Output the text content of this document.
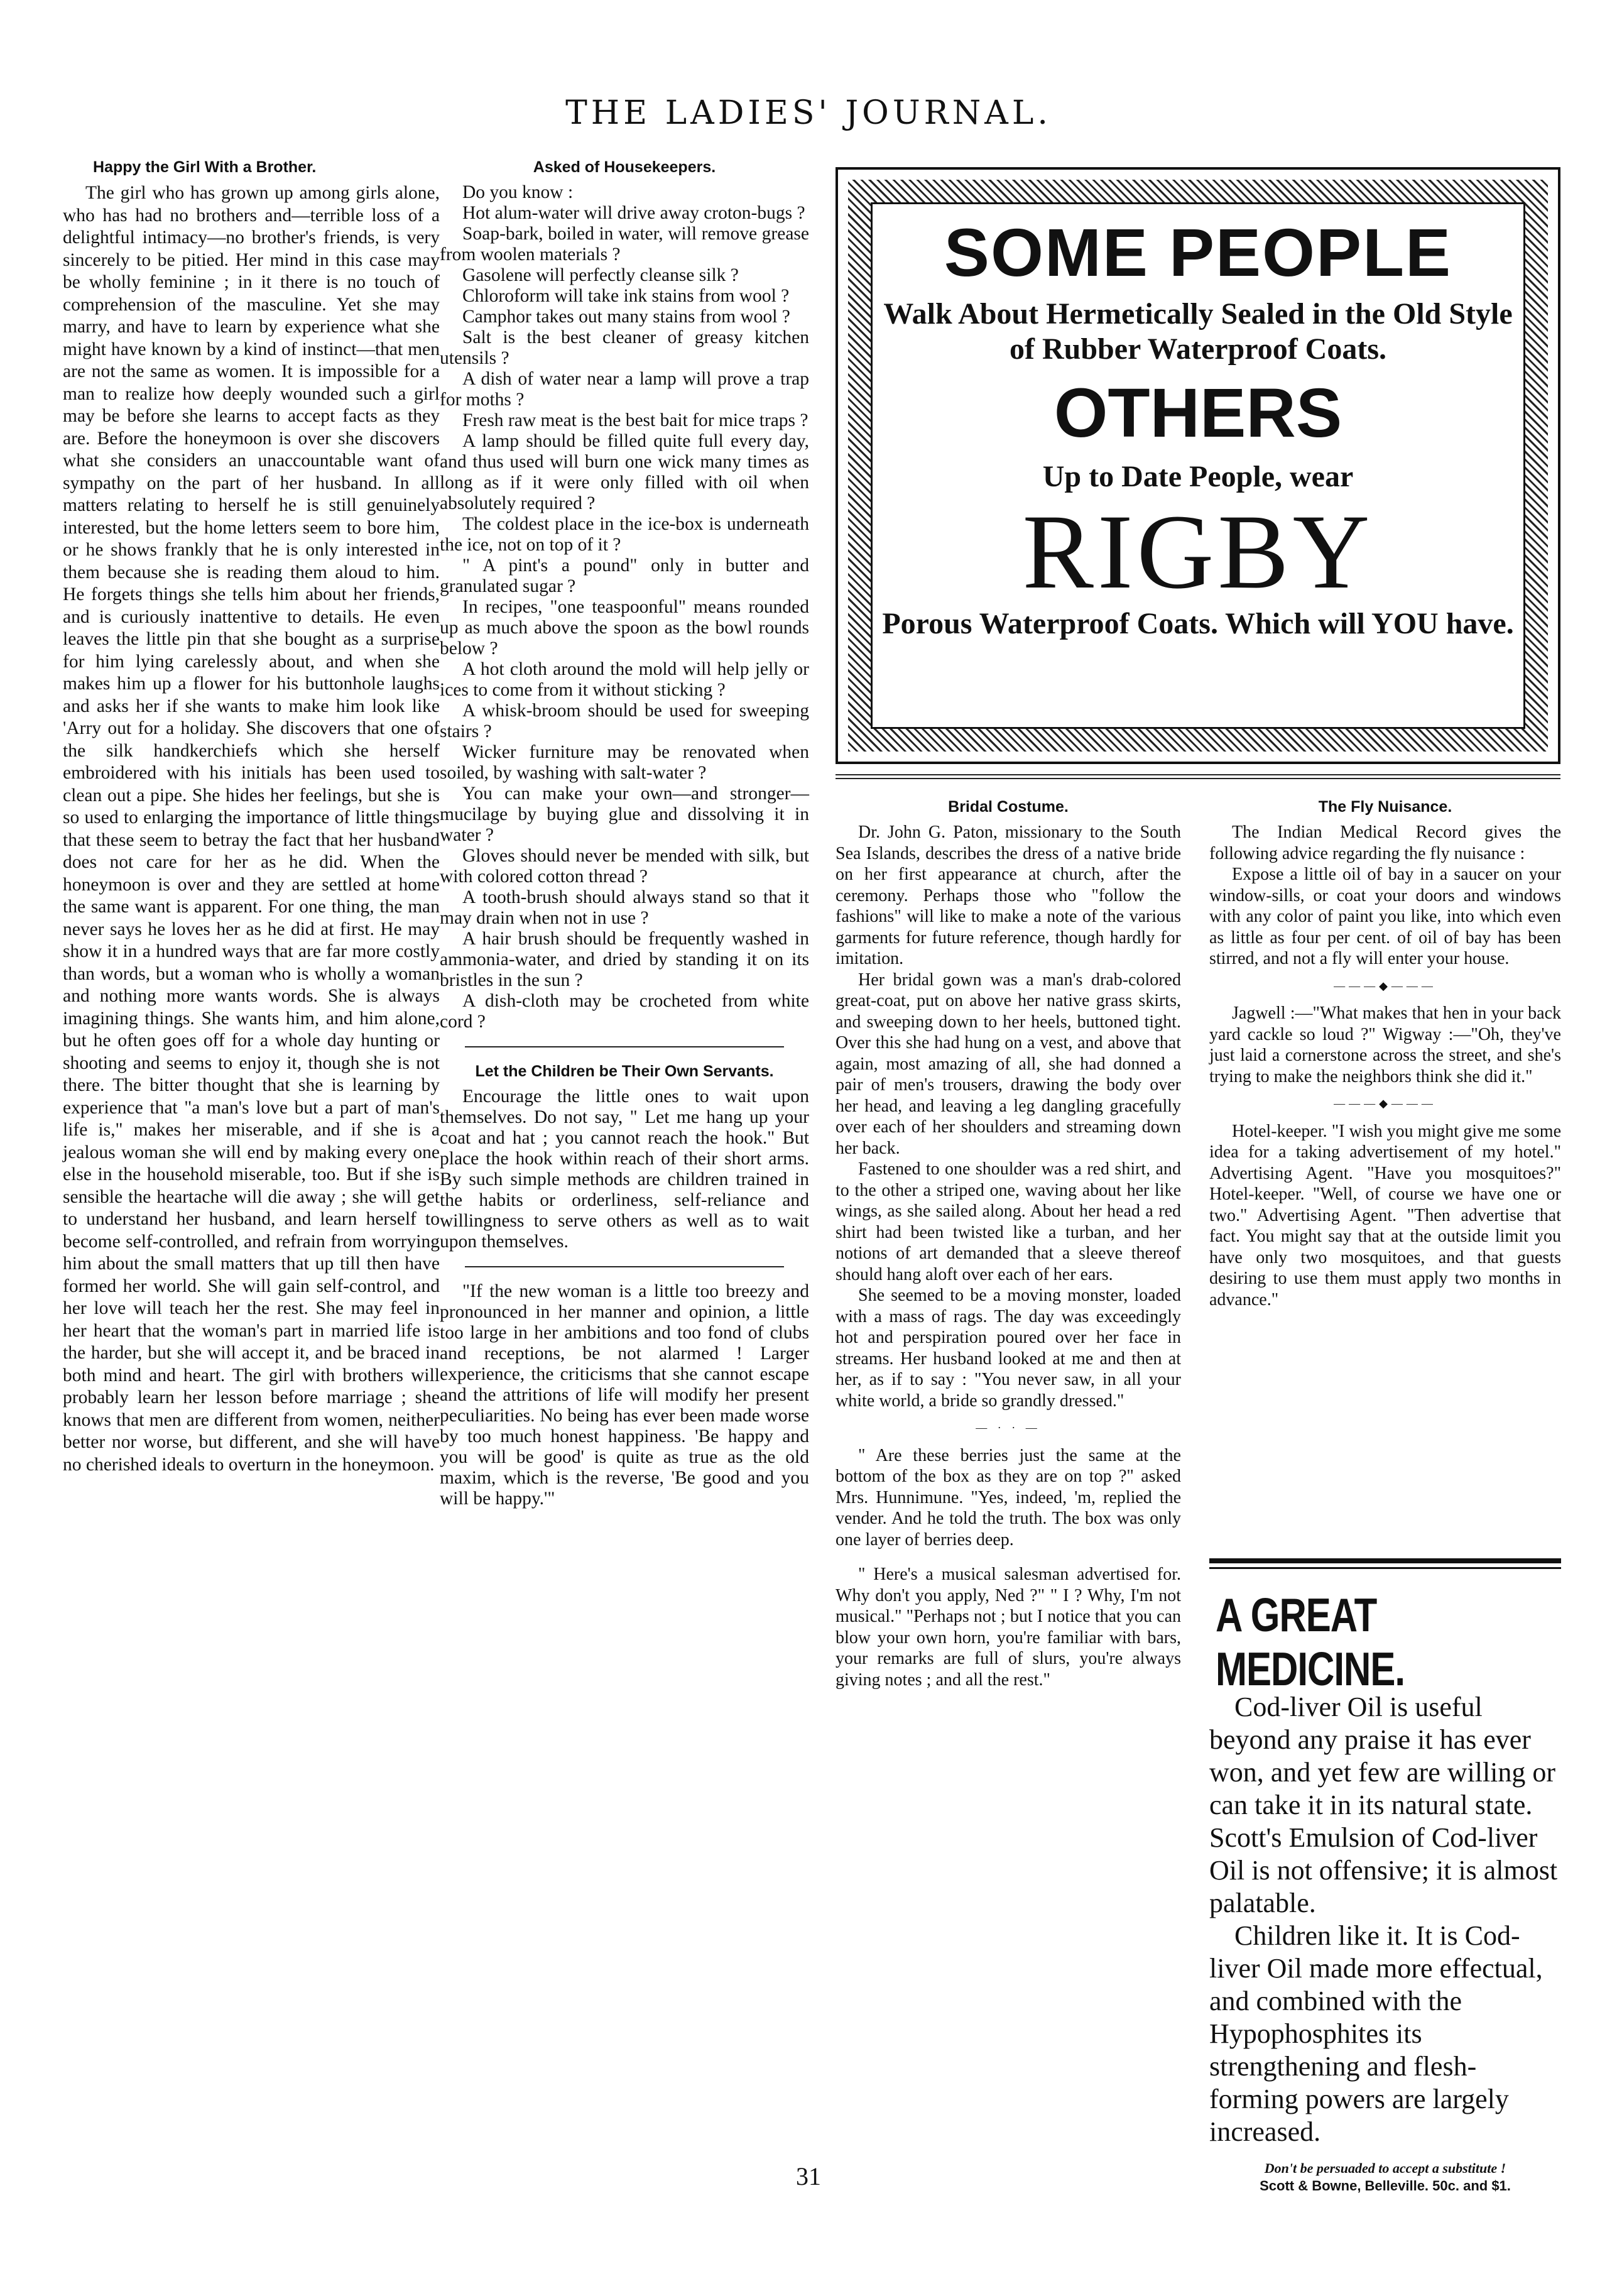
THE LADIES' JOURNAL.

Happy the Girl With a Brother.

The girl who has grown up among girls alone, who has had no brothers and—terrible loss of a delightful intimacy—no brother's friends, is very sincerely to be pitied. Her mind in this case may be wholly feminine ; in it there is no touch of comprehension of the masculine. Yet she may marry, and have to learn by experience what she might have known by a kind of instinct—that men are not the same as women. It is impossible for a man to realize how deeply wounded such a girl may be before she learns to accept facts as they are. Before the honeymoon is over she discovers what she considers an unaccountable want of sympathy on the part of her husband. In all matters relating to herself he is still genuinely interested, but the home letters seem to bore him, or he shows frankly that he is only interested in them because she is reading them aloud to him. He forgets things she tells him about her friends, and is curiously inattentive to details. He even leaves the little pin that she bought as a surprise for him lying carelessly about, and when she makes him up a flower for his buttonhole laughs and asks her if she wants to make him look like 'Arry out for a holiday. She discovers that one of the silk handkerchiefs which she herself embroidered with his initials has been used to clean out a pipe. She hides her feelings, but she is so used to enlarging the importance of little things that these seem to betray the fact that her husband does not care for her as he did. When the honeymoon is over and they are settled at home the same want is apparent. For one thing, the man never says he loves her as he did at first. He may show it in a hundred ways that are far more costly than words, but a woman who is wholly a woman and nothing more wants words. She is always imagining things. She wants him, and him alone, but he often goes off for a whole day hunting or shooting and seems to enjoy it, though she is not there. The bitter thought that she is learning by experience that "a man's love but a part of man's life is," makes her miserable, and if she is a jealous woman she will end by making every one else in the household miserable, too. But if she is sensible the heartache will die away ; she will get to understand her husband, and learn herself to become self-controlled, and refrain from worrying him about the small matters that up till then have formed her world. She will gain self-control, and her love will teach her the rest. She may feel in her heart that the woman's part in married life is the harder, but she will accept it, and be braced in both mind and heart. The girl with brothers will probably learn her lesson before marriage ; she knows that men are different from women, neither better nor worse, but different, and she will have no cherished ideals to overturn in the honeymoon.

Asked of Housekeepers.

Do you know :

Hot alum-water will drive away croton-bugs ?

Soap-bark, boiled in water, will remove grease from woolen materials ?

Gasolene will perfectly cleanse silk ?

Chloroform will take ink stains from wool ?

Camphor takes out many stains from wool ?

Salt is the best cleaner of greasy kitchen utensils ?

A dish of water near a lamp will prove a trap for moths ?

Fresh raw meat is the best bait for mice traps ?

A lamp should be filled quite full every day, and thus used will burn one wick many times as long as if it were only filled with oil when absolutely required ?

The coldest place in the ice-box is underneath the ice, not on top of it ?

" A pint's a pound" only in butter and granulated sugar ?

In recipes, "one teaspoonful" means rounded up as much above the spoon as the bowl rounds below ?

A hot cloth around the mold will help jelly or ices to come from it without sticking ?

A whisk-broom should be used for sweeping stairs ?

Wicker furniture may be renovated when soiled, by washing with salt-water ?

You can make your own—and stronger—mucilage by buying glue and dissolving it in water ?

Gloves should never be mended with silk, but with colored cotton thread ?

A tooth-brush should always stand so that it may drain when not in use ?

A hair brush should be frequently washed in ammonia-water, and dried by standing it on its bristles in the sun ?

A dish-cloth may be crocheted from white cord ?

Let the Children be Their Own Servants.

Encourage the little ones to wait upon themselves. Do not say, " Let me hang up your coat and hat ; you cannot reach the hook." But place the hook within reach of their short arms. By such simple methods are children trained in the habits or orderliness, self-reliance and willingness to serve others as well as to wait upon themselves.

"If the new woman is a little too breezy and pronounced in her manner and opinion, a little too large in her ambitions and too fond of clubs and receptions, be not alarmed ! Larger experience, the criticisms that she cannot escape and the attritions of life will modify her present peculiarities. No being has ever been made worse by too much honest happiness. 'Be happy and you will be good' is quite as true as the old maxim, which is the reverse, 'Be good and you will be happy.'"

SOME PEOPLE
Walk About Hermetically Sealed in the Old Style of Rubber Waterproof Coats.
OTHERS
Up to Date People, wear
RIGBY
Porous Waterproof Coats. Which will YOU have.

Bridal Costume.

Dr. John G. Paton, missionary to the South Sea Islands, describes the dress of a native bride on her first appearance at church, after the ceremony. Perhaps those who "follow the fashions" will like to make a note of the various garments for future reference, though hardly for imitation.

Her bridal gown was a man's drab-colored great-coat, put on above her native grass skirts, and sweeping down to her heels, buttoned tight. Over this she had hung on a vest, and above that again, most amazing of all, she had donned a pair of men's trousers, drawing the body over her head, and leaving a leg dangling gracefully over each of her shoulders and streaming down her back.

Fastened to one shoulder was a red shirt, and to the other a striped one, waving about her like wings, as she sailed along. About her head a red shirt had been twisted like a turban, and her notions of art demanded that a sleeve thereof should hang aloft over each of her ears.

She seemed to be a moving monster, loaded with a mass of rags. The day was exceedingly hot and perspiration poured over her face in streams. Her husband looked at me and then at her, as if to say : "You never saw, in all your white world, a bride so grandly dressed."

— · · —

" Are these berries just the same at the bottom of the box as they are on top ?" asked Mrs. Hunnimune. "Yes, indeed, 'm, replied the vender. And he told the truth. The box was only one layer of berries deep.

" Here's a musical salesman advertised for. Why don't you apply, Ned ?" " I ? Why, I'm not musical." "Perhaps not ; but I notice that you can blow your own horn, you're familiar with bars, your remarks are full of slurs, you're always giving notes ; and all the rest."

The Fly Nuisance.

The Indian Medical Record gives the following advice regarding the fly nuisance :

Expose a little oil of bay in a saucer on your window-sills, or coat your doors and windows with any color of paint you like, into which even as little as four per cent. of oil of bay has been stirred, and not a fly will enter your house.

———◆———

Jagwell :—"What makes that hen in your back yard cackle so loud ?" Wigway :—"Oh, they've just laid a cornerstone across the street, and she's trying to make the neighbors think she did it."

———◆———

Hotel-keeper. "I wish you might give me some idea for a taking advertisement of my hotel." Advertising Agent. "Have you mosquitoes?" Hotel-keeper. "Well, of course we have one or two." Advertising Agent. "Then advertise that fact. You might say that at the outside limit you have only two mosquitoes, and that guests desiring to use them must apply two months in advance."

A GREAT MEDICINE.

Cod-liver Oil is useful beyond any praise it has ever won, and yet few are willing or can take it in its natural state. Scott's Emulsion of Cod-liver Oil is not offensive; it is almost palatable.

Children like it. It is Cod-liver Oil made more effectual, and combined with the Hypophosphites its strengthening and flesh-forming powers are largely increased.

Don't be persuaded to accept a substitute !

Scott & Bowne, Belleville. 50c. and $1.

31
